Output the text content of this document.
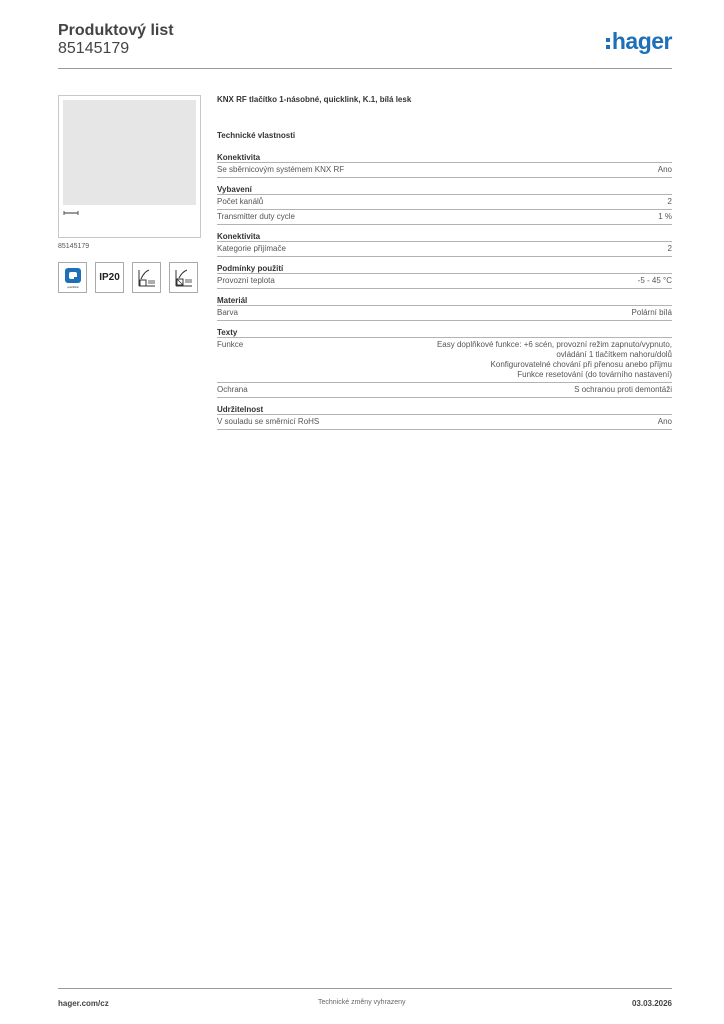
Produktový list
85145179	hager
85145179
quicklink
IP20
KNX RF tlačítko 1-násobné, quicklink, K.1, bílá lesk
Technické vlastnosti
Konektivita
Se sběrnicovým systémem KNX RF	Ano
Vybavení
Počet kanálů	2
Transmitter duty cycle	1 %
Konektivita
Kategorie přijímače	2
Podmínky použití
Provozní teplota	-5 - 45 °C
Materiál
Barva	Polární bílá
Texty
Funkce	Easy doplňkové funkce: +6 scén, provozní režim zapnuto/vypnuto,
ovládání 1 tlačítkem nahoru/dolů
Konfigurovatelné chování při přenosu anebo příjmu
Funkce resetování (do továrního nastavení)
Ochrana	S ochranou proti demontáži
Udržitelnost
V souladu se směrnicí RoHS	Ano
hager.com/cz	Technické změny vyhrazeny	03.03.2026
